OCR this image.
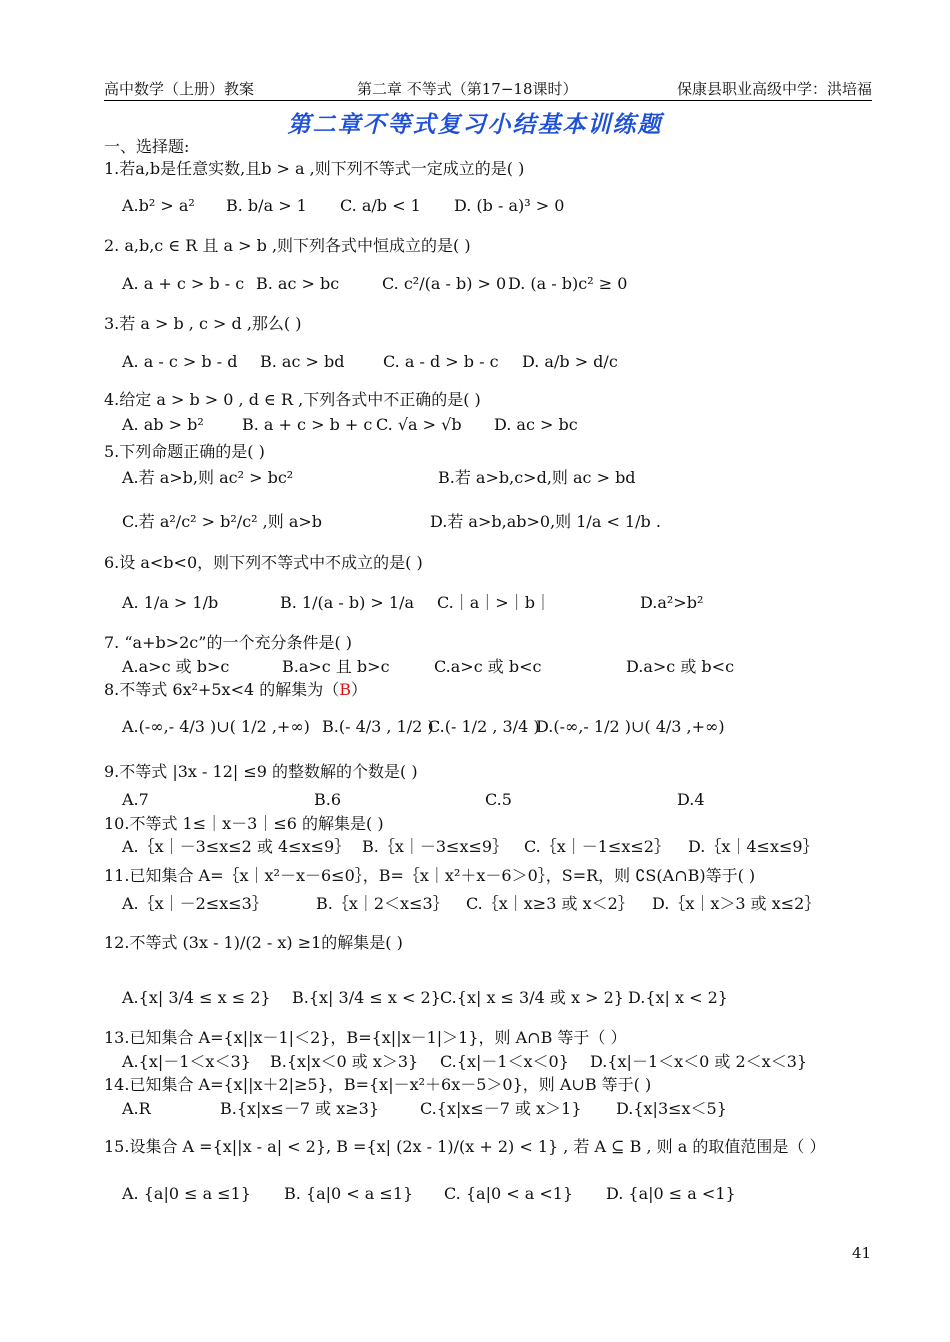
高中数学（上册）教案	第二章 不等式（第17−18课时）	保康县职业高级中学：洪培福
第二章不等式复习小结基本训练题
一、选择题:
1.若a,b是任意实数,且b > a ,则下列不等式一定成立的是( )
A.b² > a² B. b/a > 1 C. a/b < 1 D. (b - a)³ > 0
2. a,b,c ∈ R 且 a > b ,则下列各式中恒成立的是( )
A. a + c > b - c B. ac > bc	C. c²/(a - b) > 0 D. (a - b)c² ≥ 0
3.若 a > b , c > d ,那么( )
A. a - c > b - d B. ac > bd C. a - d > b - c D. a/b > d/c
4.给定 a > b > 0 , d ∈ R ,下列各式中不正确的是( )
A. ab > b² B. a + c > b + c C. √a > √b D. ac > bc
5.下列命题正确的是( )
A.若 a>b,则 ac² > bc²	B.若 a>b,c>d,则 ac > bd
C.若 a²/c² > b²/c² ,则 a>b	D.若 a>b,ab>0,则 1/a < 1/b .
6.设 a<b<0，则下列不等式中不成立的是( )
A. 1/a > 1/b	B. 1/(a - b) > 1/a C.｜a｜>｜b｜	D.a²>b²
7. “a+b>2c”的一个充分条件是( )
A.a>c 或 b>c	B.a>c 且 b>c	C.a>c 或 b<c	D.a>c 或 b<c
8.不等式 6x²+5x<4 的解集为（B）
A.(-∞,- 4/3 )∪( 1/2 ,+∞) B.(- 4/3 , 1/2 )
C.(- 1/2 , 3/4 )
D.(-∞,- 1/2 )∪( 4/3 ,+∞)
9.不等式 |3x - 12| ≤9 的整数解的个数是( )
A.7	B.6	C.5	D.4
10.不等式 1≤｜x－3｜≤6 的解集是( )
A.｛x｜－3≤x≤2 或 4≤x≤9｝ B.｛x｜－3≤x≤9｝ C.｛x｜－1≤x≤2｝ D.｛x｜4≤x≤9｝
11.已知集合 A=｛x｜x²－x－6≤0｝，B=｛x｜x²＋x－6＞0｝，S=R，则 ∁S(A∩B)等于( )
A.｛x｜－2≤x≤3｝	B.｛x｜2＜x≤3｝ C.｛x｜x≥3 或 x＜2｝ D.｛x｜x＞3 或 x≤2｝
12.不等式 (3x - 1)/(2 - x) ≥1的解集是( )
A.{x| 3/4 ≤ x ≤ 2} B.{x| 3/4 ≤ x < 2} C.{x| x ≤ 3/4 或 x > 2} D.{x| x < 2}
13.已知集合 A={x||x－1|＜2}，B={x||x－1|＞1}，则 A∩B 等于（ ）
A.{x|－1＜x＜3} B.{x|x＜0 或 x＞3} C.{x|－1＜x＜0} D.{x|－1＜x＜0 或 2＜x＜3}
14.已知集合 A={x||x＋2|≥5}，B={x|－x²＋6x－5＞0}，则 A∪B 等于( )
A.R	B.{x|x≤－7 或 x≥3}	C.{x|x≤－7 或 x＞1} D.{x|3≤x＜5}
15.设集合 A ={x||x - a| < 2}, B ={x| (2x - 1)/(x + 2) < 1} , 若 A ⊆ B , 则 a 的取值范围是（ ）
A. {a|0 ≤ a ≤1} B. {a|0 < a ≤1} C. {a|0 < a <1} D. {a|0 ≤ a <1}
41
